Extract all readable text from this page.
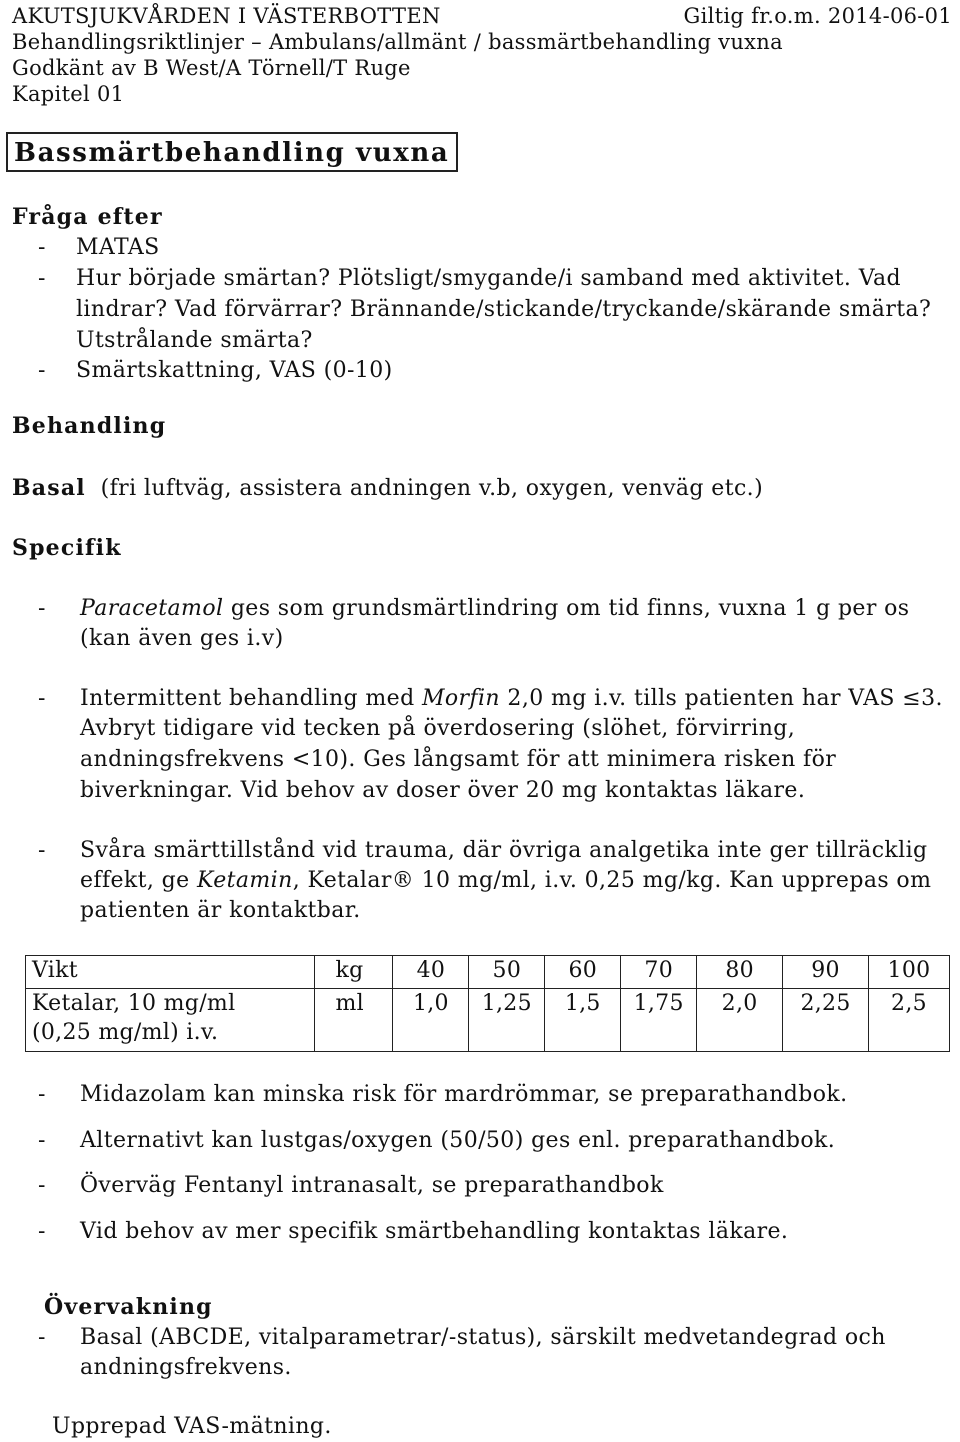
AKUTSJUKVÅRDEN I VÄSTERBOTTEN	Giltig fr.o.m. 2014-06-01
Behandlingsriktlinjer – Ambulans/allmänt / bassmärtbehandling vuxna
Godkänt av B West/A Törnell/T Ruge
Kapitel 01
Bassmärtbehandling vuxna
Fråga efter
- MATAS
- Hur började smärtan? Plötsligt/smygande/i samband med aktivitet. Vad
lindrar? Vad förvärrar? Brännande/stickande/tryckande/skärande smärta?
Utstrålande smärta?
- Smärtskattning, VAS (0-10)
Behandling
Basal (fri luftväg, assistera andningen v.b, oxygen, venväg etc.)
Specifik
- Paracetamol ges som grundsmärtlindring om tid finns, vuxna 1 g per os
(kan även ges i.v)
- Intermittent behandling med Morfin 2,0 mg i.v. tills patienten har VAS ≤3.
Avbryt tidigare vid tecken på överdosering (slöhet, förvirring,
andningsfrekvens <10). Ges långsamt för att minimera risken för
biverkningar. Vid behov av doser över 20 mg kontaktas läkare.
- Svåra smärttillstånd vid trauma, där övriga analgetika inte ger tillräcklig
effekt, ge Ketamin, Ketalar® 10 mg/ml, i.v. 0,25 mg/kg. Kan upprepas om
patienten är kontaktbar.
Vikt	kg	40	50	60	70	80	90	100

Ketalar, 10 mg/ml
(0,25 mg/ml) i.v.	ml	1,0	1,25	1,5	1,75	2,0	2,25	2,5
- Midazolam kan minska risk för mardrömmar, se preparathandbok.
- Alternativt kan lustgas/oxygen (50/50) ges enl. preparathandbok.
- Överväg Fentanyl intranasalt, se preparathandbok
- Vid behov av mer specifik smärtbehandling kontaktas läkare.
Övervakning
- Basal (ABCDE, vitalparametrar/-status), särskilt medvetandegrad och
andningsfrekvens.
Upprepad VAS-mätning.
